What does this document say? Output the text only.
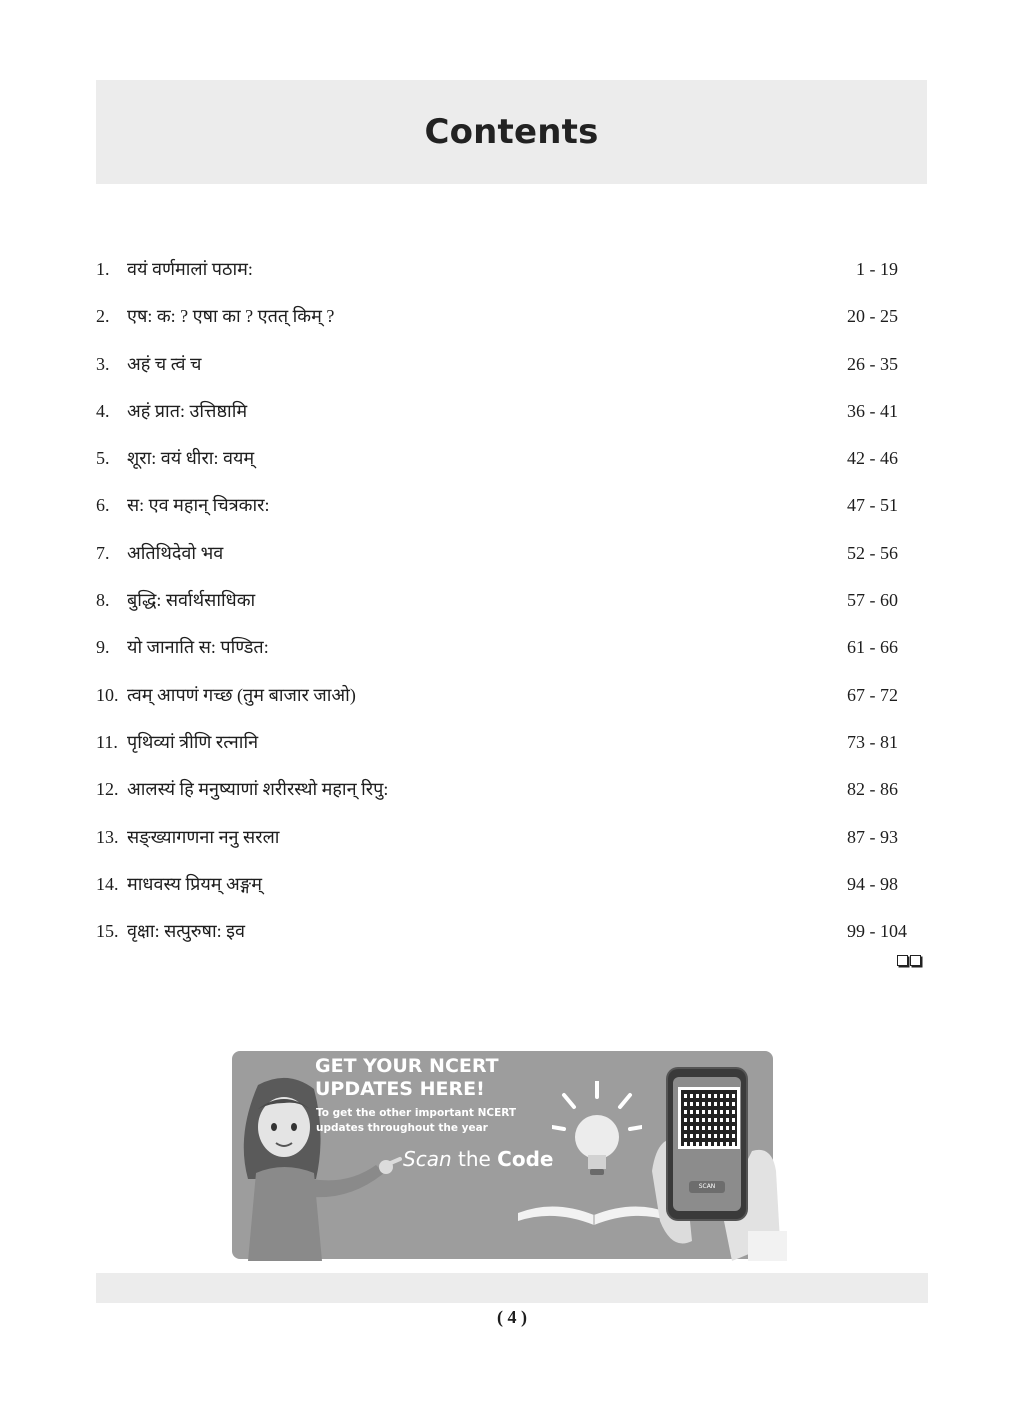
Contents
1. वयं वर्णमालां पठाम:	1 - 19
2. एष: क: ? एषा का ? एतत् किम् ?	20 - 25
3. अहं च त्वं च	26 - 35
4. अहं प्रात: उत्तिष्ठामि	36 - 41
5. शूरा: वयं धीरा: वयम्	42 - 46
6. स: एव महान् चित्रकार:	47 - 51
7. अतिथिदेवो भव	52 - 56
8. बुद्धि: सर्वार्थसाधिका	57 - 60
9. यो जानाति स: पण्डित:	61 - 66
10. त्वम् आपणं गच्छ (तुम बाजार जाओ)	67 - 72
11. पृथिव्यां त्रीणि रत्नानि	73 - 81
12. आलस्यं हि मनुष्याणां शरीरस्थो महान् रिपु:	82 - 86
13. सङ्ख्यागणना ननु सरला	87 - 93
14. माधवस्य प्रियम् अङ्गम्	94 - 98
15. वृक्षा: सत्पुरुषा: इव	99 - 104
GET YOUR NCERT
UPDATES HERE!
To get the other important NCERT
updates throughout the year
Scan the Code
SCAN
( 4 )
